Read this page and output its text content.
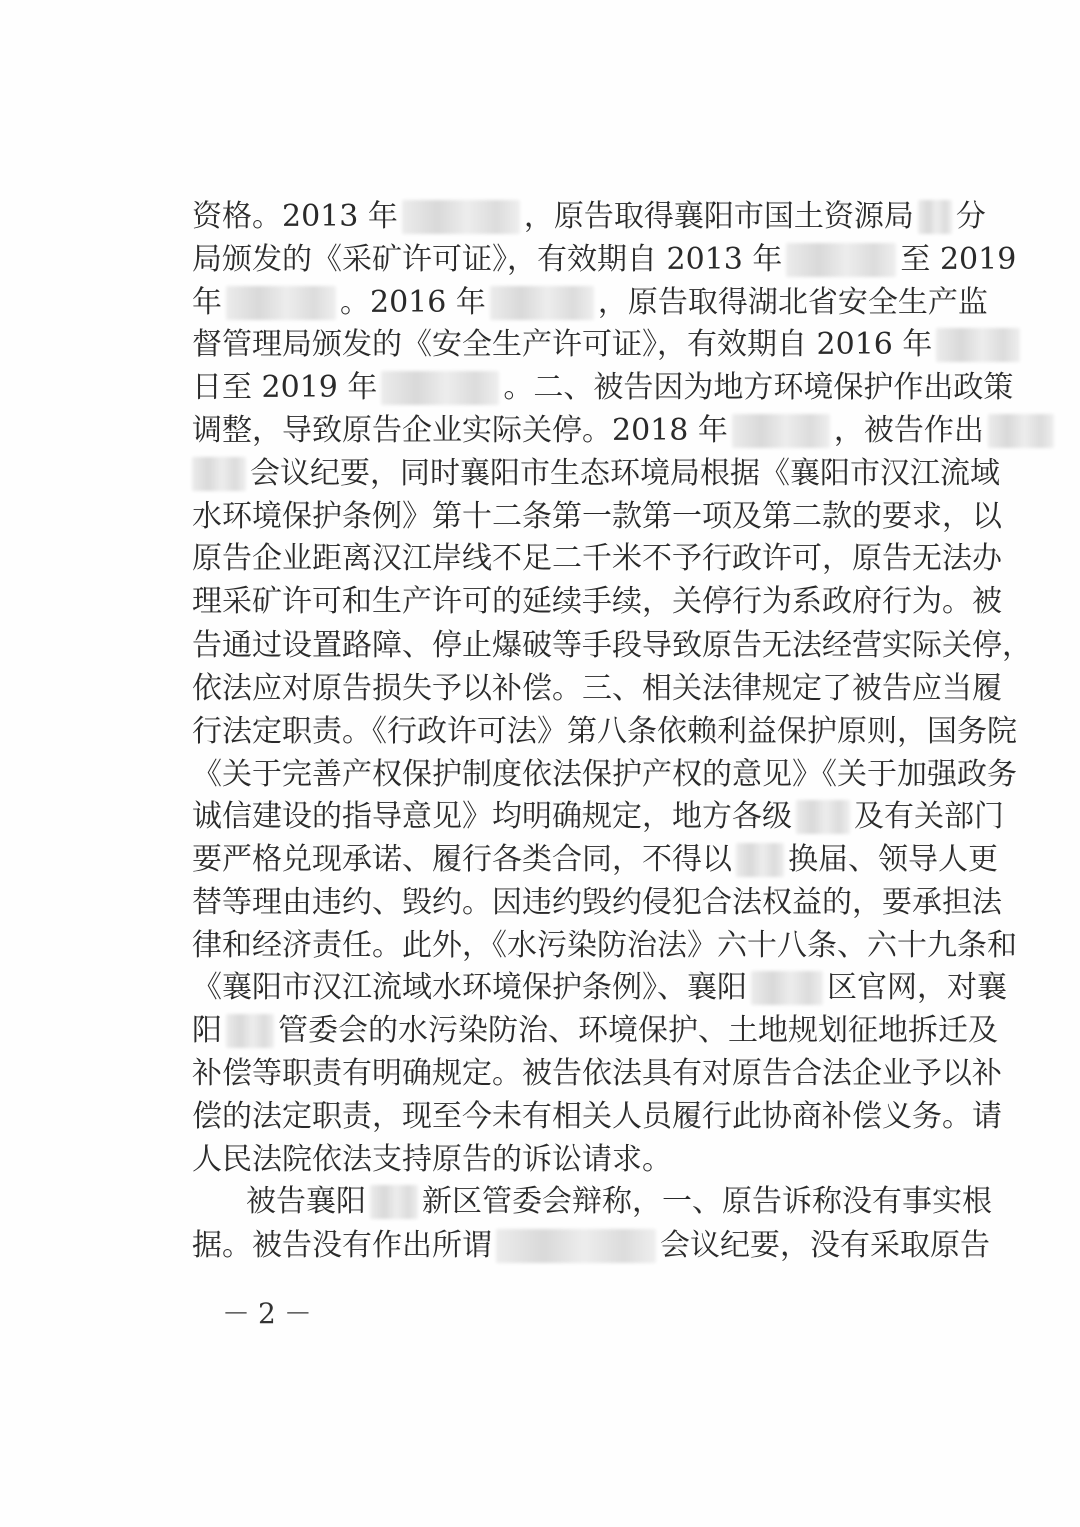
资格。2013 年	，原告取得襄阳市国土资源局 分
局颁发的《采矿许可证》，有效期自 2013 年	至 2019
年	。2016 年	，原告取得湖北省安全生产监
督管理局颁发的《安全生产许可证》，有效期自 2016 年
日至 2019 年	。二、被告因为地方环境保护作出政策
调整，导致原告企业实际关停。2018 年	，被告作出
会议纪要，同时襄阳市生态环境局根据《襄阳市汉江流域
水环境保护条例》第十二条第一款第一项及第二款的要求，以
原告企业距离汉江岸线不足二千米不予行政许可，原告无法办
理采矿许可和生产许可的延续手续，关停行为系政府行为。被
告通过设置路障、停止爆破等手段导致原告无法经营实际关停，
依法应对原告损失予以补偿。三、相关法律规定了被告应当履
行法定职责。《行政许可法》第八条依赖利益保护原则，国务院
《关于完善产权保护制度依法保护产权的意见》《关于加强政务
诚信建设的指导意见》均明确规定，地方各级 及有关部门
要严格兑现承诺、履行各类合同，不得以 换届、领导人更
替等理由违约、毁约。因违约毁约侵犯合法权益的，要承担法
律和经济责任。此外，《水污染防治法》六十八条、六十九条和
《襄阳市汉江流域水环境保护条例》、襄阳	区官网，对襄
阳 管委会的水污染防治、环境保护、土地规划征地拆迁及
补偿等职责有明确规定。被告依法具有对原告合法企业予以补
偿的法定职责，现至今未有相关人员履行此协商补偿义务。请
人民法院依法支持原告的诉讼请求。
被告襄阳 新区管委会辩称，一、原告诉称没有事实根
据。被告没有作出所谓	会议纪要，没有采取原告
－2－
